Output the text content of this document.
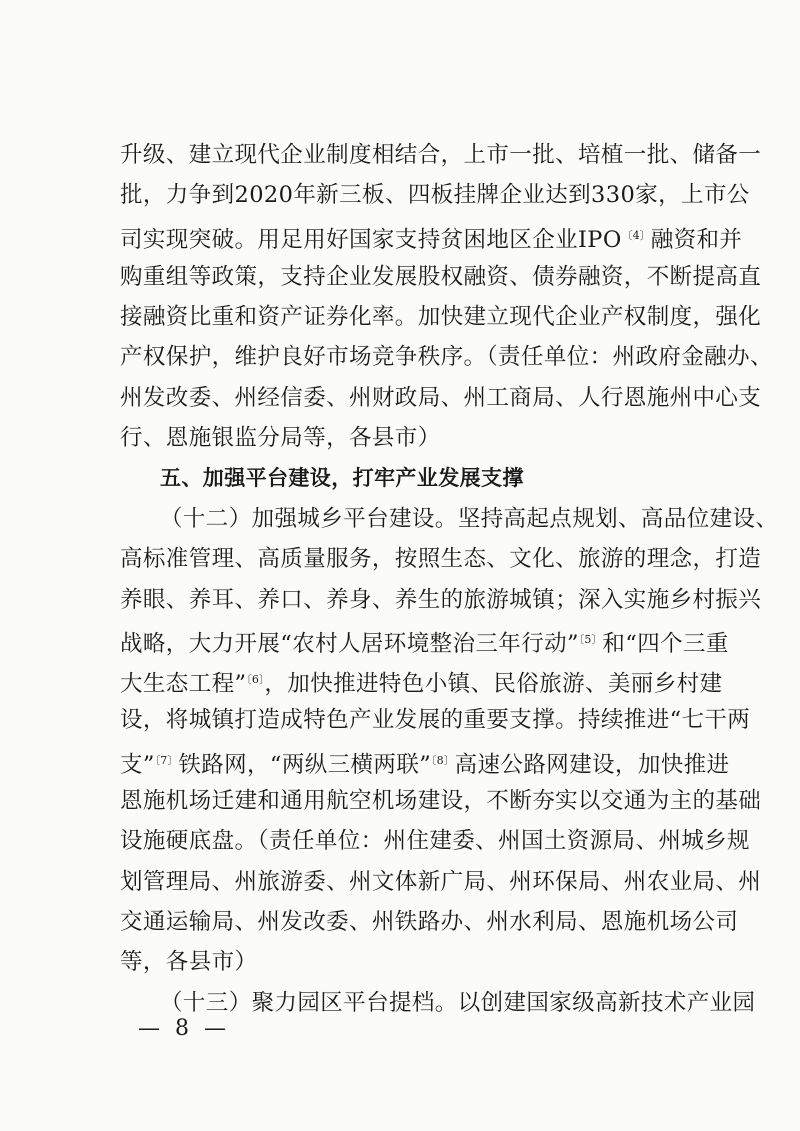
升级、建立现代企业制度相结合，上市一批、培植一批、储备一
批，力争到2020年新三板、四板挂牌企业达到330家，上市公
司实现突破。用足用好国家支持贫困地区企业$IPO^{〔4〕}$融资和并
购重组等政策，支持企业发展股权融资、债券融资，不断提高直
接融资比重和资产证券化率。加快建立现代企业产权制度，强化
产权保护，维护良好市场竞争秩序。（责任单位：州政府金融办、
州发改委、州经信委、州财政局、州工商局、人行恩施州中心支
行、恩施银监分局等，各县市）
五、加强平台建设，打牢产业发展支撑
（十二）加强城乡平台建设。坚持高起点规划、高品位建设、
高标准管理、高质量服务，按照生态、文化、旅游的理念，打造
养眼、养耳、养口、养身、养生的旅游城镇；深入实施乡村振兴
战略，大力开展“农村人居环境整治三年行动”$^{〔5〕}$和“四个三重
大生态工程”$^{〔6〕}$，加快推进特色小镇、民俗旅游、美丽乡村建
设，将城镇打造成特色产业发展的重要支撑。持续推进“七干两
支”$^{〔7〕}$铁路网，“两纵三横两联”$^{〔8〕}$高速公路网建设，加快推进
恩施机场迁建和通用航空机场建设，不断夯实以交通为主的基础
设施硬底盘。（责任单位：州住建委、州国土资源局、州城乡规
划管理局、州旅游委、州文体新广局、州环保局、州农业局、州
交通运输局、州发改委、州铁路办、州水利局、恩施机场公司
等，各县市）
（十三）聚力园区平台提档。以创建国家级高新技术产业园
— 8 —
